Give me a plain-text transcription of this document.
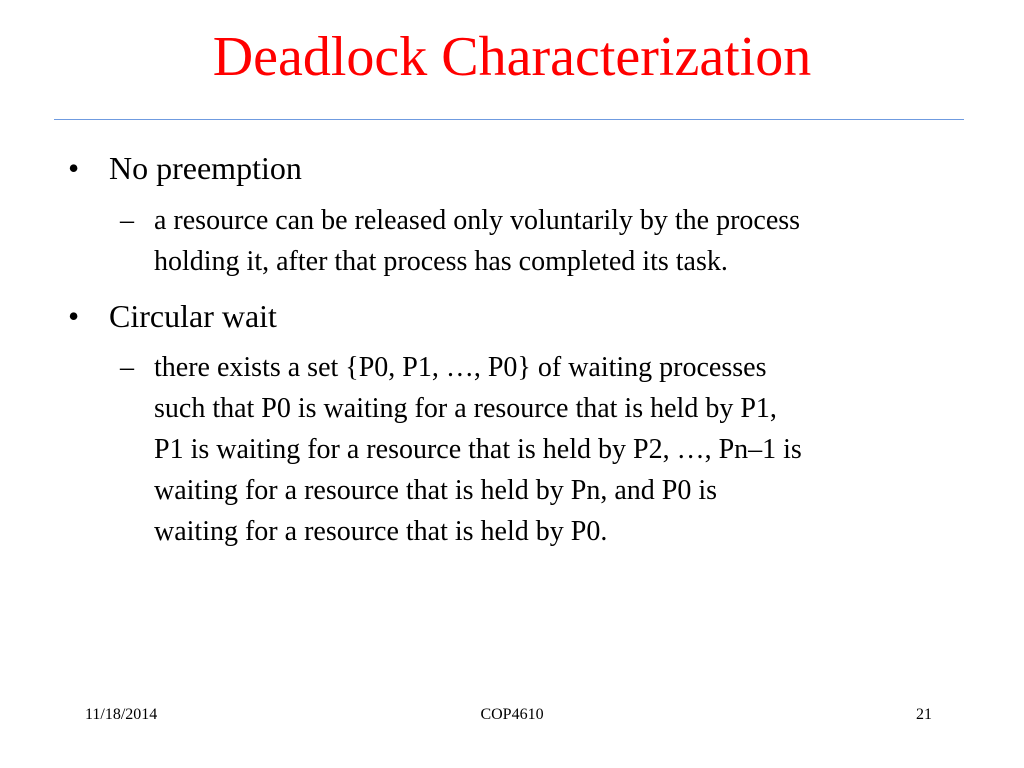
Deadlock Characterization
• No preemption
– a resource can be released only voluntarily by the process
holding it, after that process has completed its task.
• Circular wait
– there exists a set {P0, P1, …, P0} of waiting processes
such that P0 is waiting for a resource that is held by P1,
P1 is waiting for a resource that is held by P2, …, Pn–1 is
waiting for a resource that is held by Pn, and P0 is
waiting for a resource that is held by P0.
11/18/2014	COP4610	21
